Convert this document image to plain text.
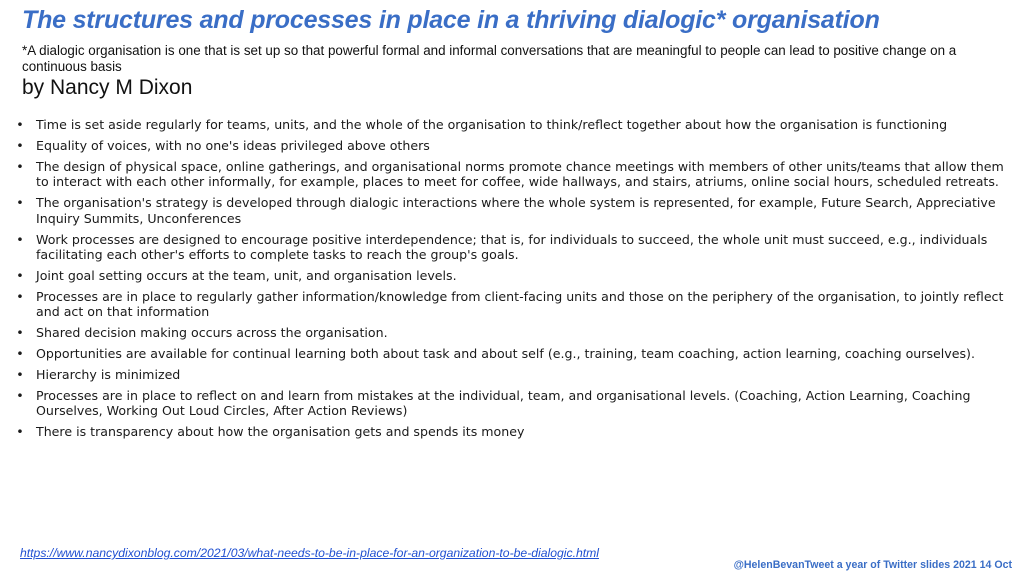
The structures and processes in place in a thriving dialogic* organisation

*A dialogic organisation is one that is set up so that powerful formal and informal conversations that are meaningful to people can lead to positive change on a continuous basis

by Nancy M Dixon

• Time is set aside regularly for teams, units, and the whole of the organisation to think/reflect together about how the organisation is functioning
• Equality of voices, with no one's ideas privileged above others
• The design of physical space, online gatherings, and organisational norms promote chance meetings with members of other units/teams that allow them to interact with each other informally, for example, places to meet for coffee, wide hallways, and stairs, atriums, online social hours, scheduled retreats.
• The organisation's strategy is developed through dialogic interactions where the whole system is represented, for example, Future Search, Appreciative Inquiry Summits, Unconferences
• Work processes are designed to encourage positive interdependence; that is, for individuals to succeed, the whole unit must succeed, e.g., individuals facilitating each other's efforts to complete tasks to reach the group's goals.
• Joint goal setting occurs at the team, unit, and organisation levels.
• Processes are in place to regularly gather information/knowledge from client-facing units and those on the periphery of the organisation, to jointly reflect and act on that information
• Shared decision making occurs across the organisation.
• Opportunities are available for continual learning both about task and about self (e.g., training, team coaching, action learning, coaching ourselves).
• Hierarchy is minimized
• Processes are in place to reflect on and learn from mistakes at the individual, team, and organisational levels. (Coaching, Action Learning, Coaching Ourselves, Working Out Loud Circles, After Action Reviews)
• There is transparency about how the organisation gets and spends its money
https://www.nancydixonblog.com/2021/03/what-needs-to-be-in-place-for-an-organization-to-be-dialogic.html

@HelenBevanTweet a year of Twitter slides 2021 14 Oct
